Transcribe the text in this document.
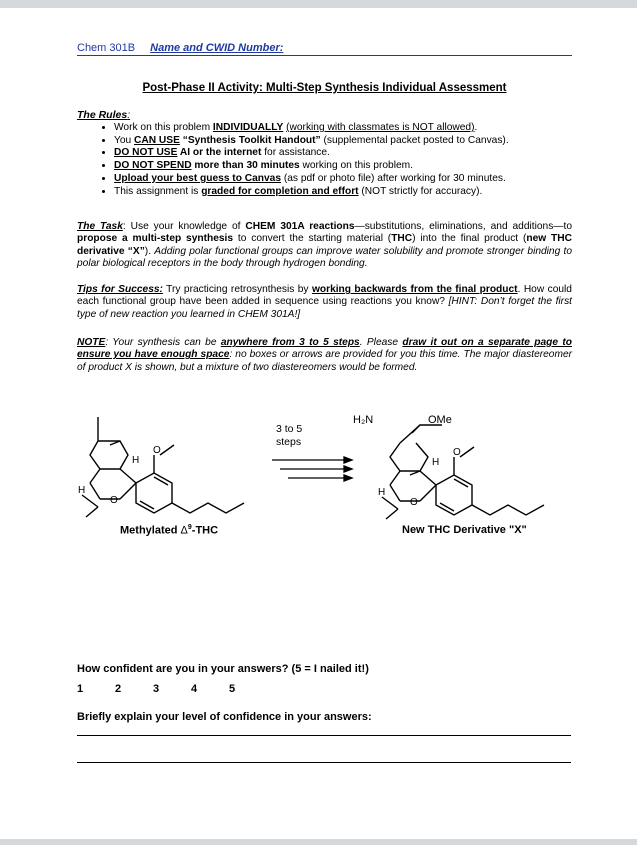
Chem 301B Name and CWID Number:
Post-Phase II Activity: Multi-Step Synthesis Individual Assessment
The Rules:
• Work on this problem INDIVIDUALLY (working with classmates is NOT allowed).
• You CAN USE “Synthesis Toolkit Handout” (supplemental packet posted to Canvas).
• DO NOT USE AI or the internet for assistance.
• DO NOT SPEND more than 30 minutes working on this problem.
• Upload your best guess to Canvas (as pdf or photo file) after working for 30 minutes.
• This assignment is graded for completion and effort (NOT strictly for accuracy).
The Task: Use your knowledge of CHEM 301A reactions—substitutions, eliminations, and additions—to propose a multi-step synthesis to convert the starting material (THC) into the final product (new THC derivative “X”). Adding polar functional groups can improve water solubility and promote stronger binding to polar biological receptors in the body through hydrogen bonding.
Tips for Success: Try practicing retrosynthesis by working backwards from the final product. How could each functional group have been added in sequence using reactions you know? [HINT: Don’t forget the first type of new reaction you learned in CHEM 301A!]
NOTE: Your synthesis can be anywhere from 3 to 5 steps. Please draw it out on a separate page to ensure you have enough space: no boxes or arrows are provided for you this time. The major diastereomer of product X is shown, but a mixture of two diastereomers would be formed.
O
H
H
O
H₂N	OMe
O
H
H
O
3 to 5
steps
Methylated $\Delta^9$-THC	New THC Derivative "X"
How confident are you in your answers? (5 = I nailed it!)
1	2	3	4	5
Briefly explain your level of confidence in your answers:
